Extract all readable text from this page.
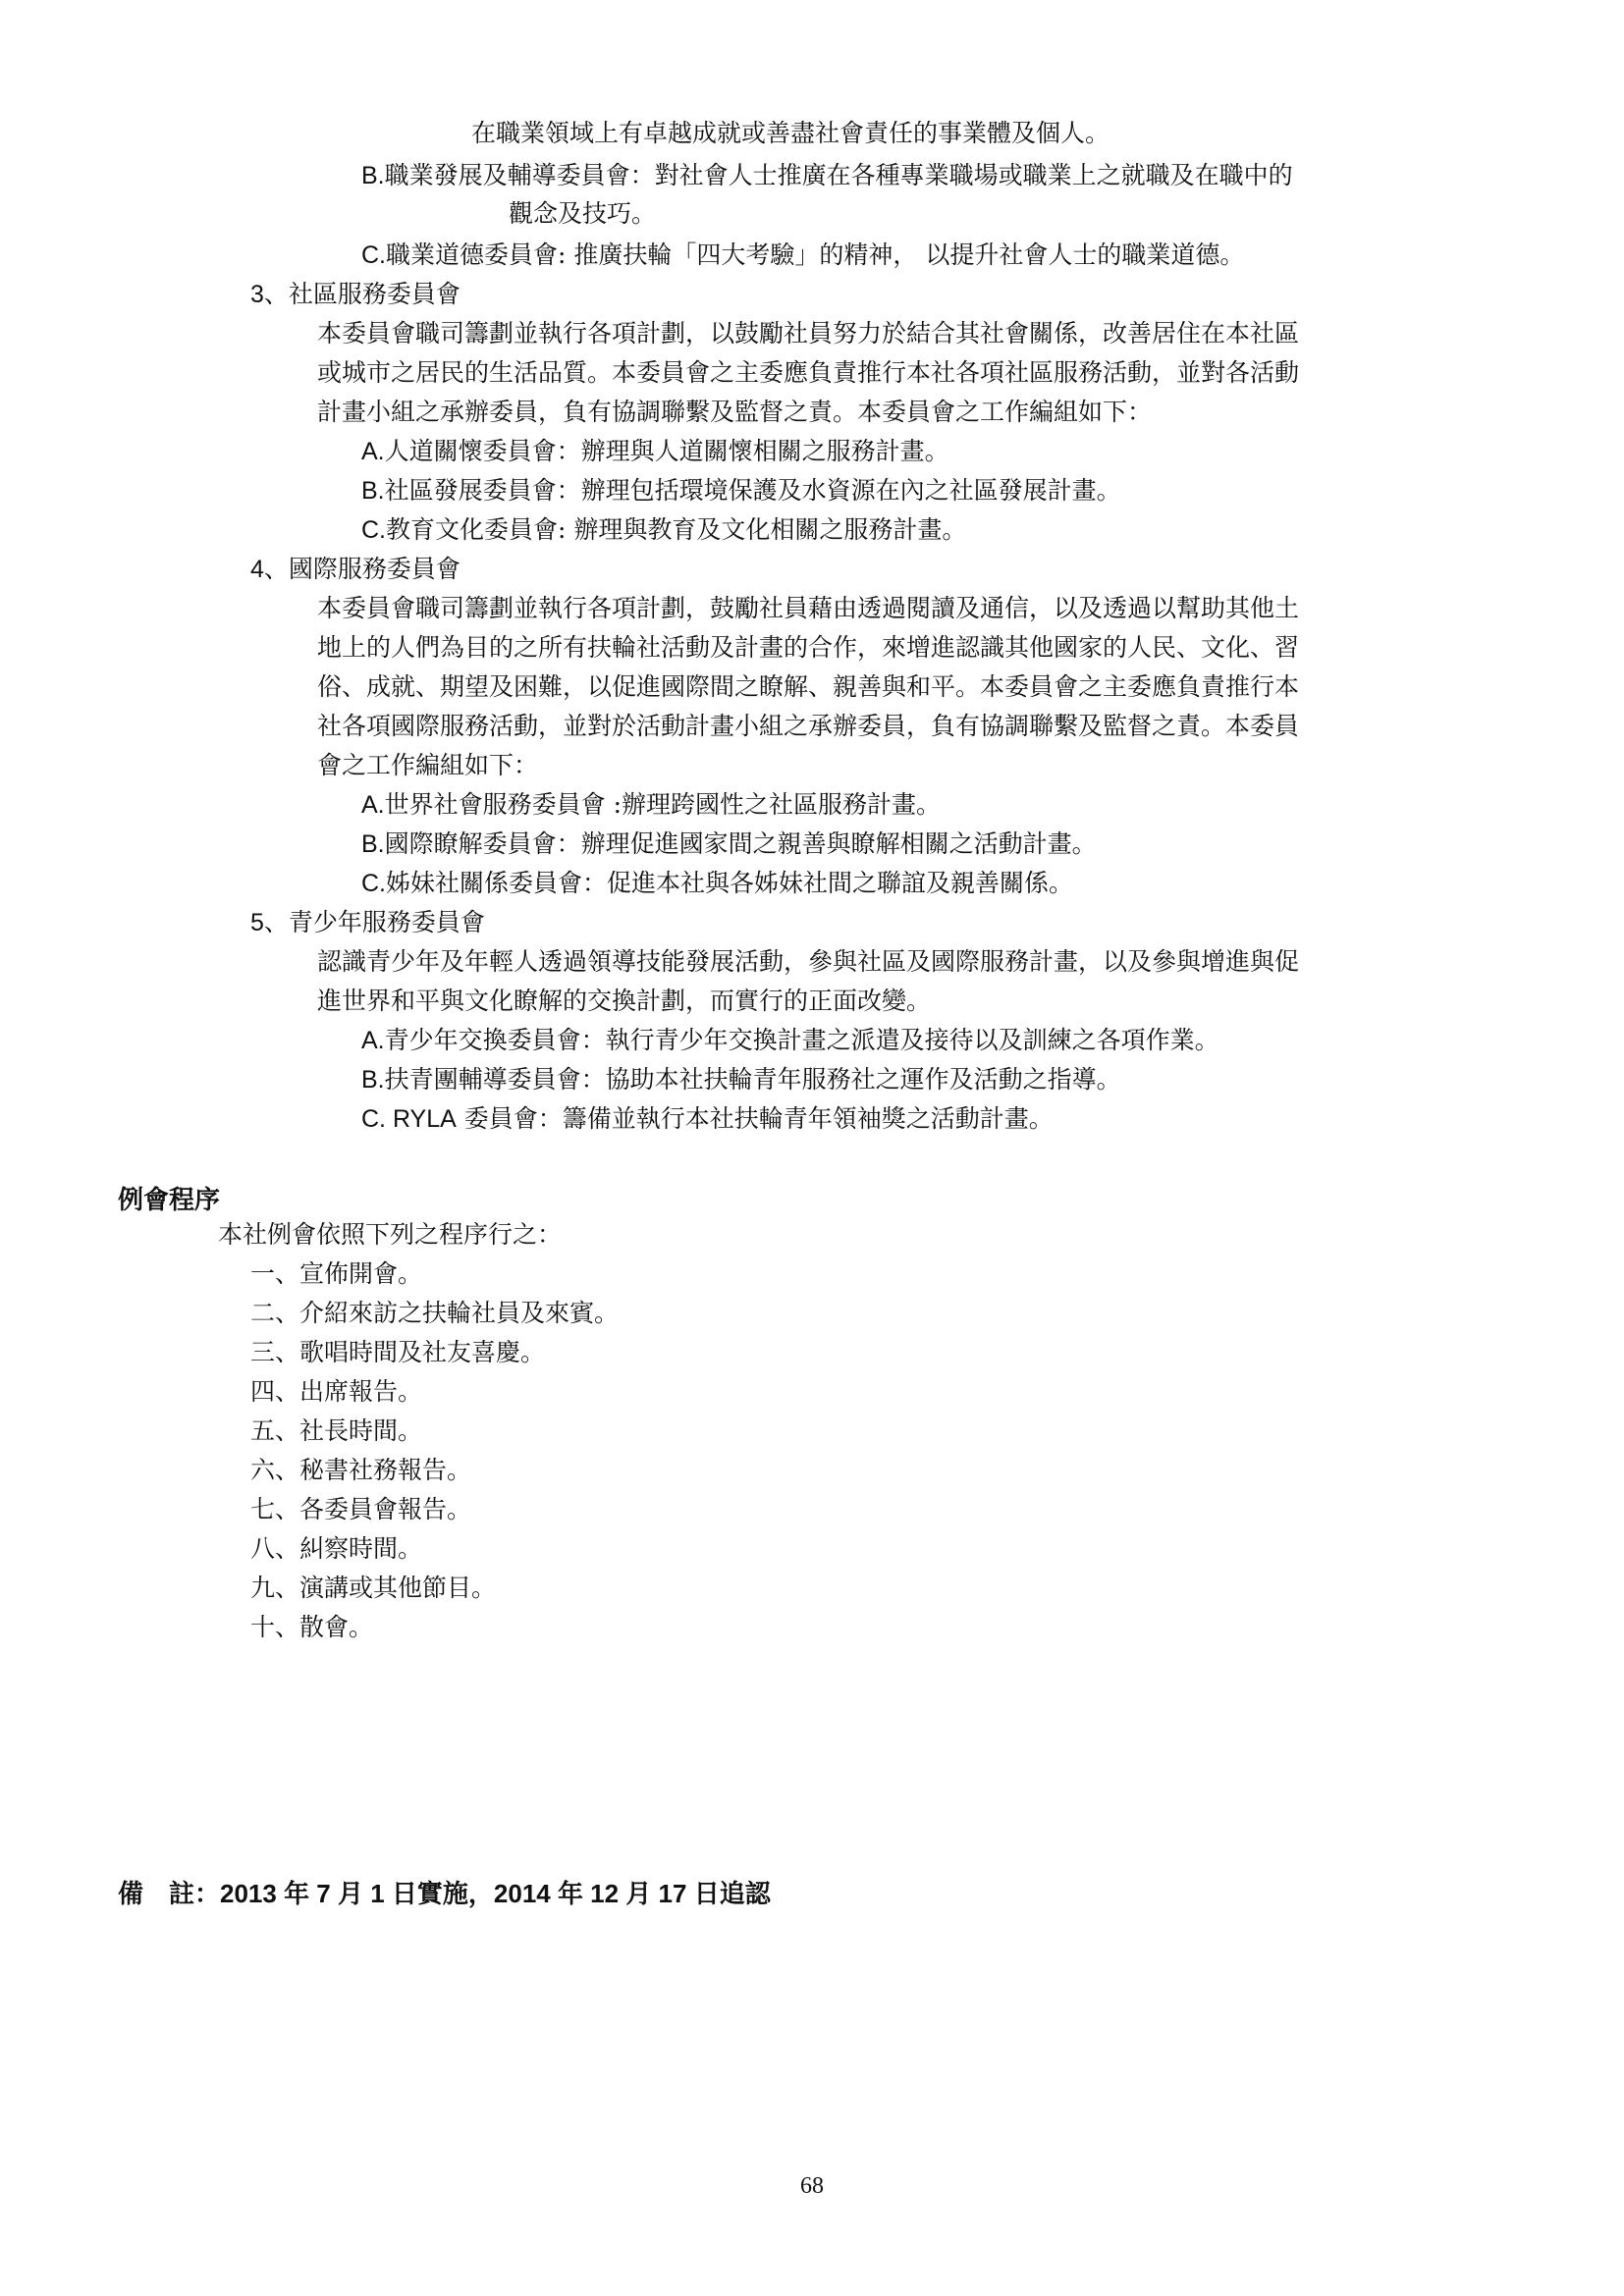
在職業領域上有卓越成就或善盡社會責任的事業體及個人。
B.職業發展及輔導委員會：對社會人士推廣在各種專業職場或職業上之就職及在職中的
觀念及技巧。
C.職業道德委員會: 推廣扶輪「四大考驗」的精神， 以提升社會人士的職業道德。
3、社區服務委員會
本委員會職司籌劃並執行各項計劃，以鼓勵社員努力於結合其社會關係，改善居住在本社區
或城市之居民的生活品質。本委員會之主委應負責推行本社各項社區服務活動，並對各活動
計畫小組之承辦委員，負有協調聯繫及監督之責。本委員會之工作編組如下：
A.人道關懷委員會：辦理與人道關懷相關之服務計畫。
B.社區發展委員會：辦理包括環境保護及水資源在內之社區發展計畫。
C.教育文化委員會: 辦理與教育及文化相關之服務計畫。
4、國際服務委員會
本委員會職司籌劃並執行各項計劃，鼓勵社員藉由透過閱讀及通信，以及透過以幫助其他土
地上的人們為目的之所有扶輪社活動及計畫的合作，來增進認識其他國家的人民、文化、習
俗、成就、期望及困難，以促進國際間之瞭解、親善與和平。本委員會之主委應負責推行本
社各項國際服務活動，並對於活動計畫小組之承辦委員，負有協調聯繫及監督之責。本委員
會之工作編組如下：
A.世界社會服務委員會 :辦理跨國性之社區服務計畫。
B.國際瞭解委員會：辦理促進國家間之親善與瞭解相關之活動計畫。
C.姊妹社關係委員會：促進本社與各姊妹社間之聯誼及親善關係。
5、青少年服務委員會
認識青少年及年輕人透過領導技能發展活動，參與社區及國際服務計畫，以及參與增進與促
進世界和平與文化瞭解的交換計劃，而實行的正面改變。
A.青少年交換委員會：執行青少年交換計畫之派遣及接待以及訓練之各項作業。
B.扶青團輔導委員會：協助本社扶輪青年服務社之運作及活動之指導。
C. RYLA 委員會：籌備並執行本社扶輪青年領袖獎之活動計畫。
例會程序
本社例會依照下列之程序行之：
一、宣佈開會。
二、介紹來訪之扶輪社員及來賓。
三、歌唱時間及社友喜慶。
四、出席報告。
五、社長時間。
六、秘書社務報告。
七、各委員會報告。
八、糾察時間。
九、演講或其他節目。
十、散會。
備　註：2013 年 7 月 1 日實施，2014 年 12 月 17 日追認
68
